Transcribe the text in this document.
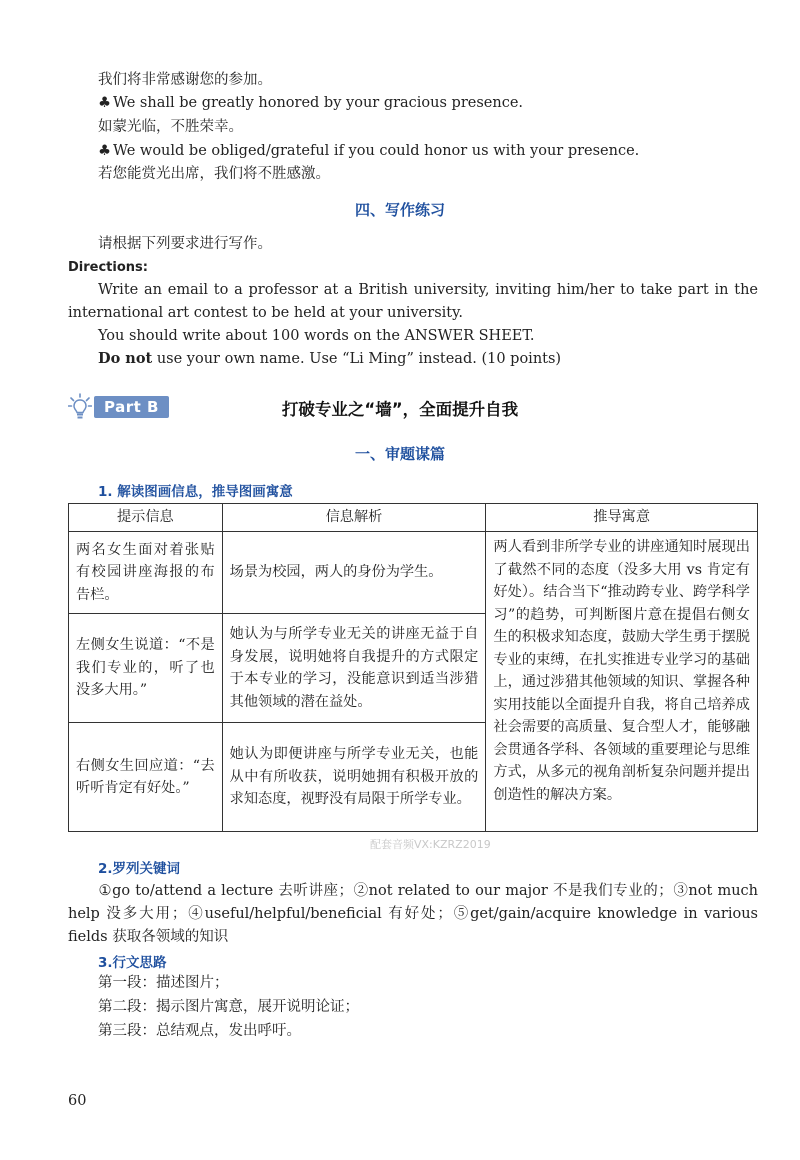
我们将非常感谢您的参加。
♣ We shall be greatly honored by your gracious presence.
如蒙光临，不胜荣幸。
♣ We would be obliged/grateful if you could honor us with your presence.
若您能赏光出席，我们将不胜感激。
四、写作练习
请根据下列要求进行写作。
Directions:
Write an email to a professor at a British university, inviting him/her to take part in the international art contest to be held at your university.
You should write about 100 words on the ANSWER SHEET.
Do not use your own name. Use “Li Ming” instead. (10 points)
Part B	打破专业之“墙”，全面提升自我
一、审题谋篇
1. 解读图画信息，推导图画寓意
提示信息	信息解析	推导寓意
两名女生面对着张贴有校园讲座海报的布告栏。	场景为校园，两人的身份为学生。	两人看到非所学专业的讲座通知时展现出了截然不同的态度（没多大用 vs 肯定有好处）。结合当下“推动跨专业、跨学科学习”的趋势，可判断图片意在提倡右侧女生的积极求知态度，鼓励大学生勇于摆脱专业的束缚，在扎实推进专业学习的基础上，通过涉猎其他领域的知识、掌握各种实用技能以全面提升自我，将自己培养成社会需要的高质量、复合型人才，能够融会贯通各学科、各领域的重要理论与思维方式，从多元的视角剖析复杂问题并提出创造性的解决方案。
左侧女生说道：“不是我们专业的，听了也没多大用。”	她认为与所学专业无关的讲座无益于自身发展，说明她将自我提升的方式限定于本专业的学习，没能意识到适当涉猎其他领域的潜在益处。	
右侧女生回应道：“去听听肯定有好处。”	她认为即便讲座与所学专业无关，也能从中有所收获，说明她拥有积极开放的求知态度，视野没有局限于所学专业。	
配套音频VX:KZRZ2019
2.罗列关键词
①go to/attend a lecture 去听讲座；②not related to our major 不是我们专业的；③not much help 没多大用；④useful/helpful/beneficial 有好处；⑤get/gain/acquire knowledge in various fields 获取各领域的知识
3.行文思路
第一段：描述图片；
第二段：揭示图片寓意，展开说明论证；
第三段：总结观点，发出呼吁。
60
